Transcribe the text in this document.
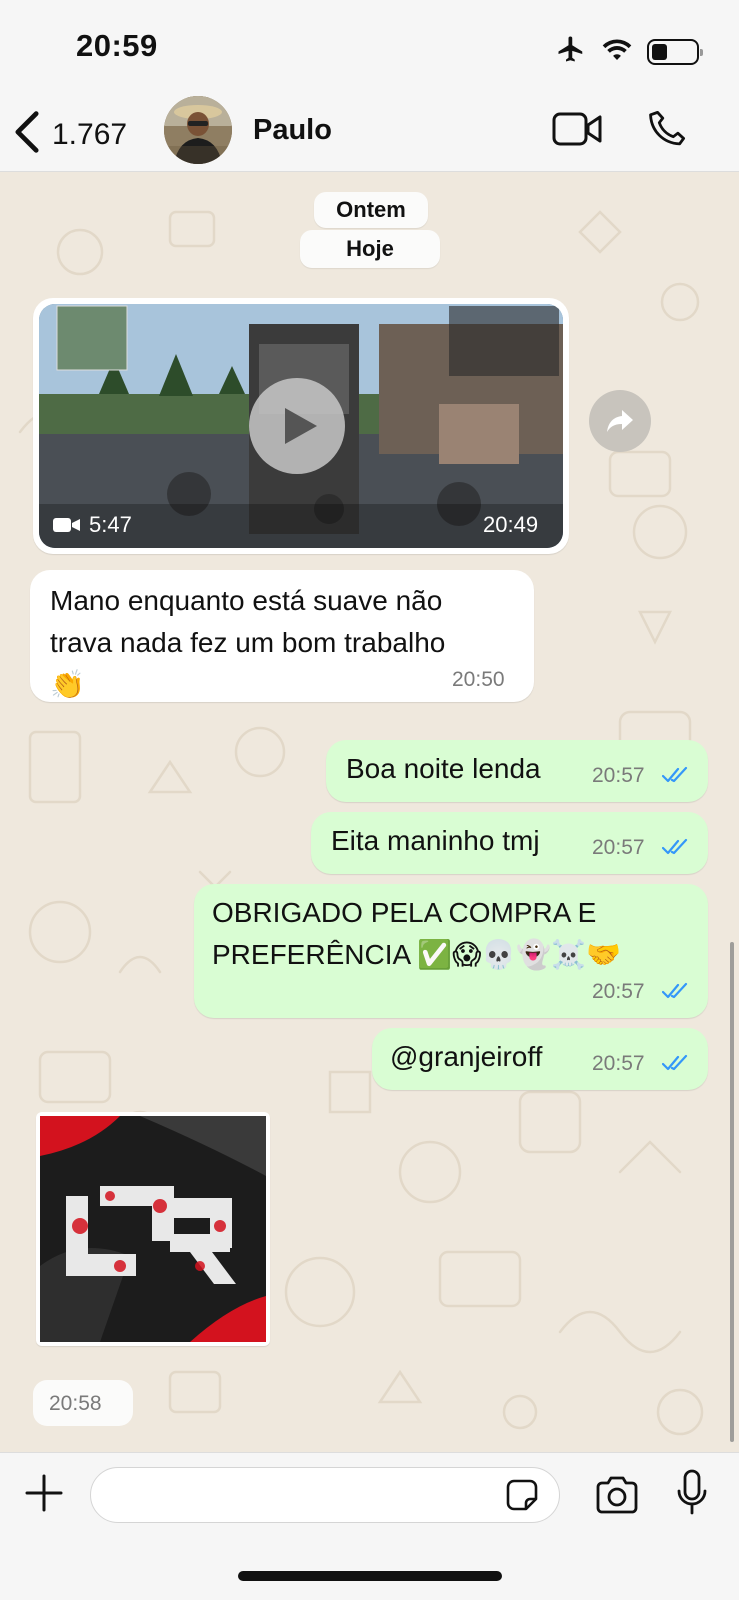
20:59
1.767	Paulo
Ontem
Hoje
5:47	20:49
Mano enquanto está suave não
trava nada fez um bom trabalho
👏	20:50
Boa noite lenda 20:57
Eita maninho tmj 20:57
OBRIGADO PELA COMPRA E
PREFERÊNCIA ✅😱💀👻☠️🤝
20:57
@granjeiroff 20:57
20:58
